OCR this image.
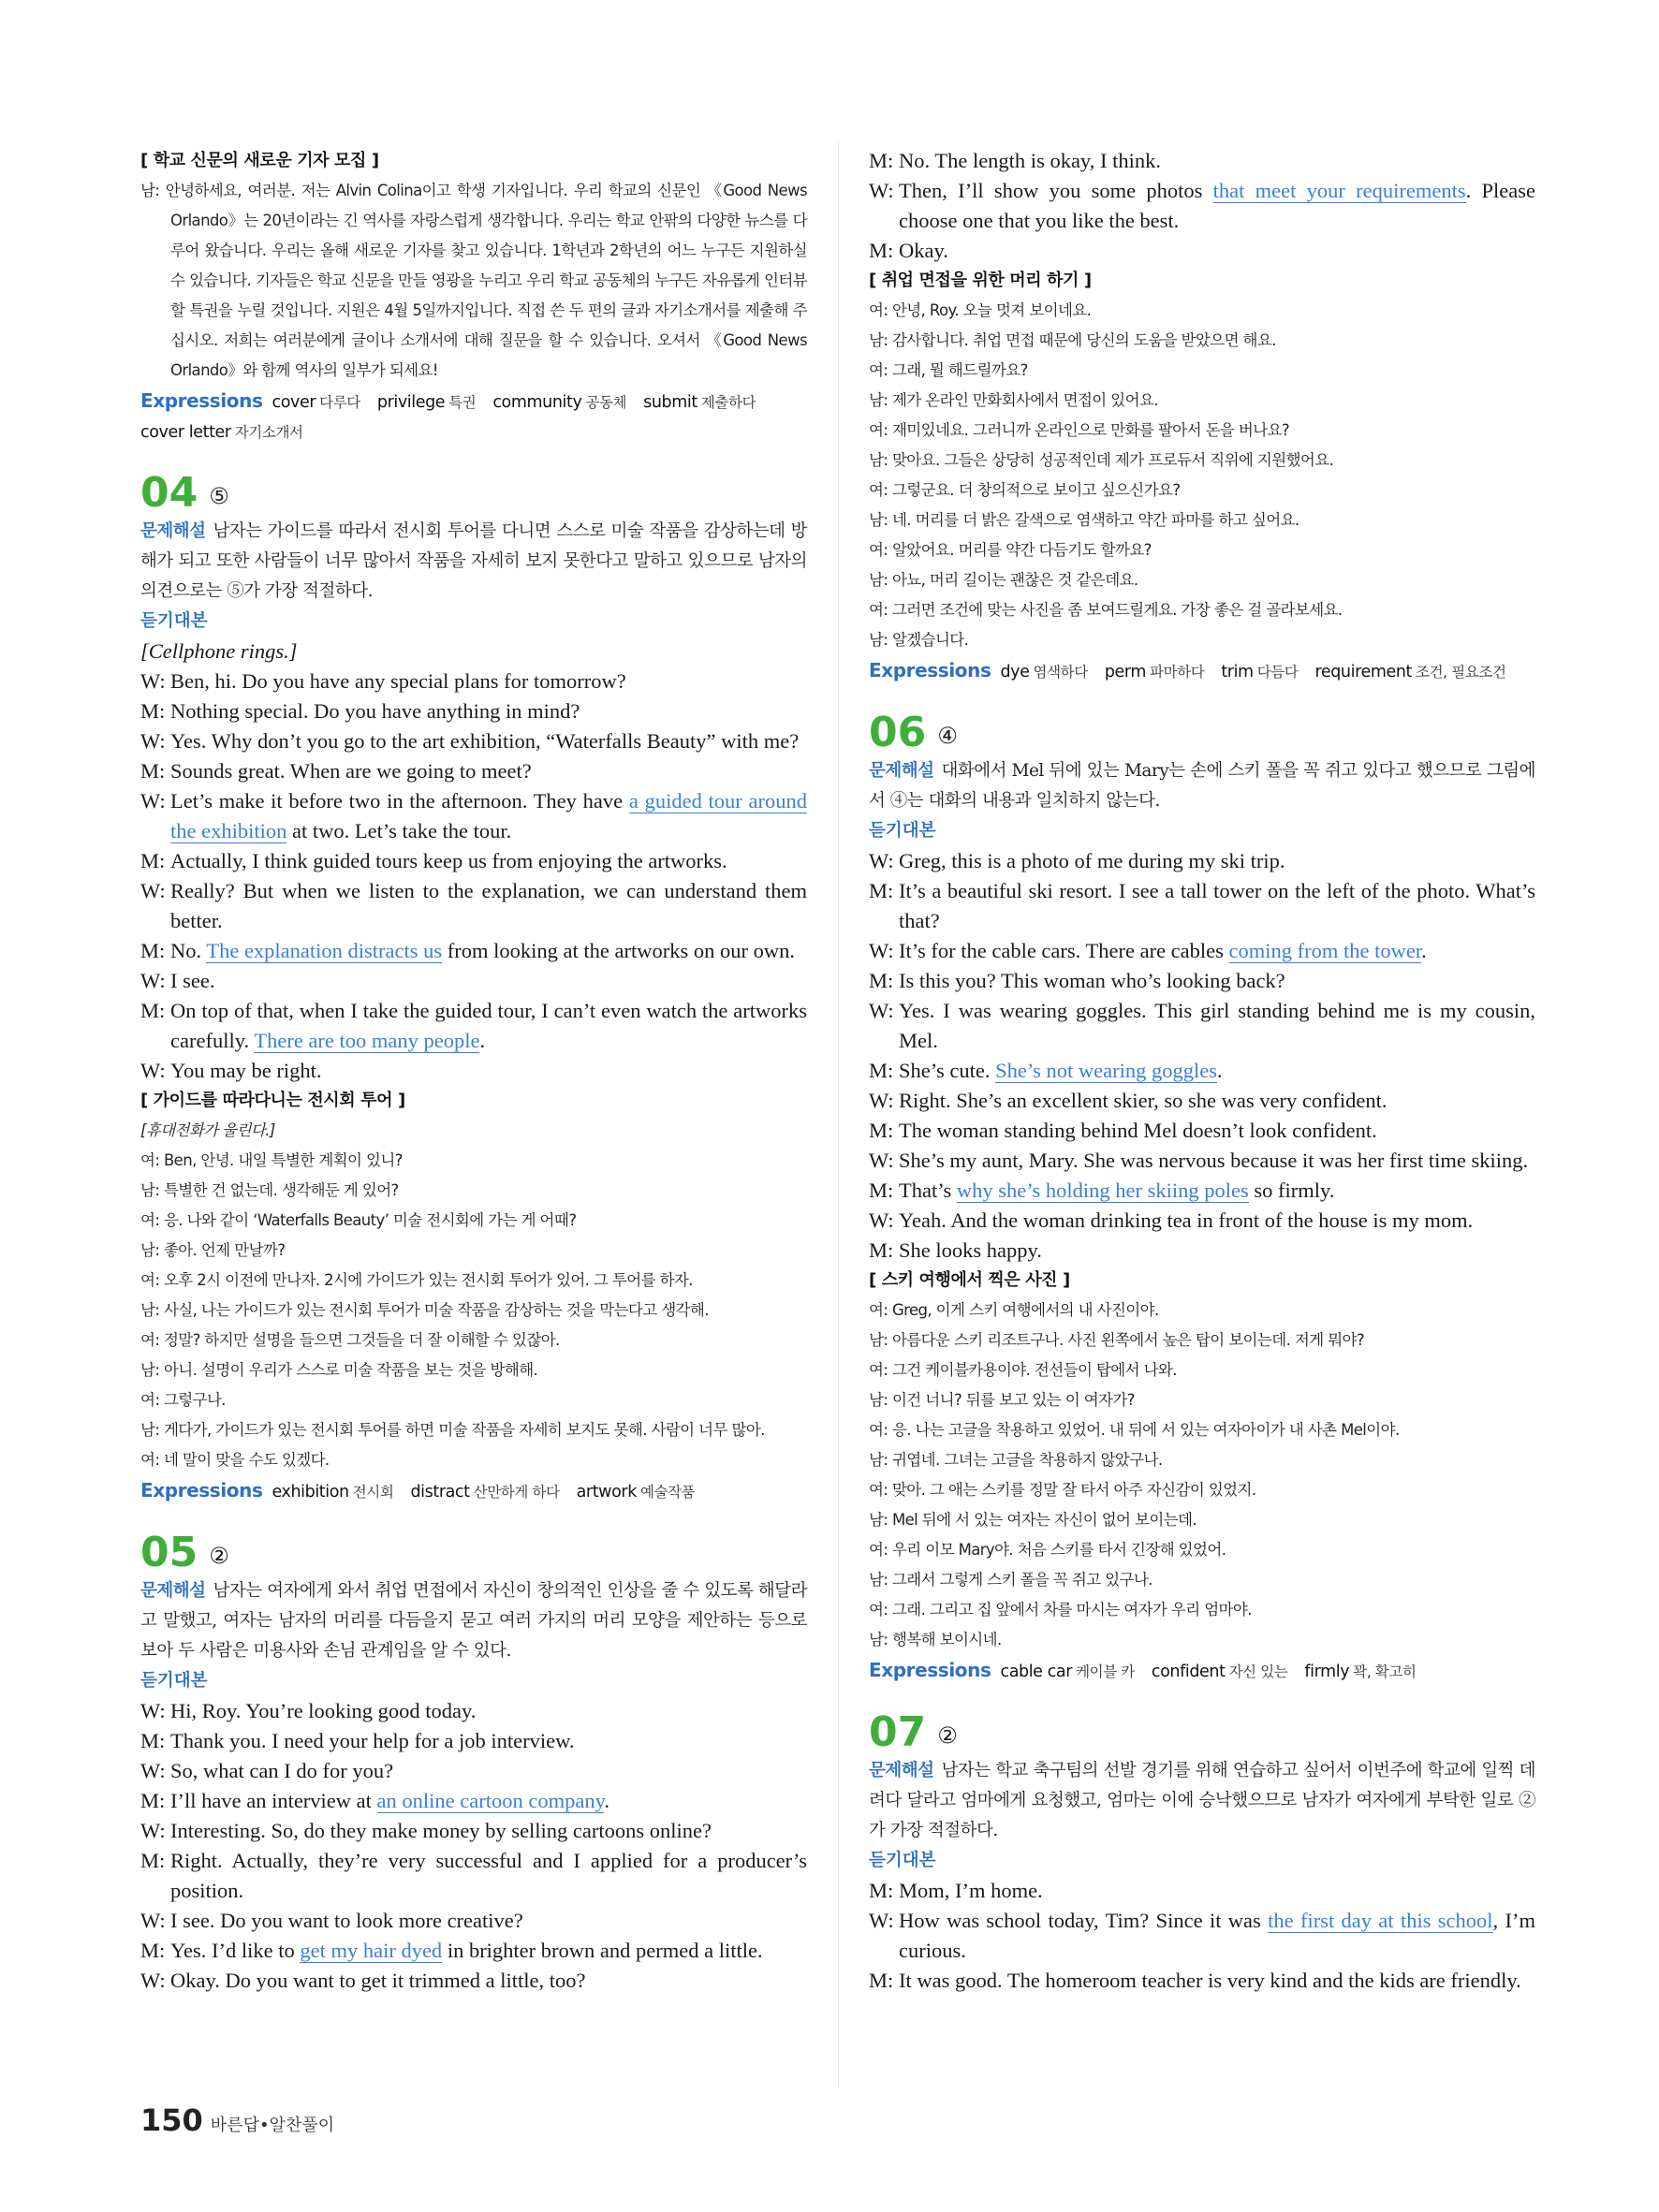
[ 학교 신문의 새로운 기자 모집 ]
남: 안녕하세요, 여러분. 저는 Alvin Colina이고 학생 기자입니다. 우리 학교의 신문인 《Good News Orlando》는 20년이라는 긴 역사를 자랑스럽게 생각합니다. 우리는 학교 안팎의 다양한 뉴스를 다루어 왔습니다. 우리는 올해 새로운 기자를 찾고 있습니다. 1학년과 2학년의 어느 누구든 지원하실 수 있습니다. 기자들은 학교 신문을 만들 영광을 누리고 우리 학교 공동체의 누구든 자유롭게 인터뷰할 특권을 누릴 것입니다. 지원은 4월 5일까지입니다. 직접 쓴 두 편의 글과 자기소개서를 제출해 주십시오. 저희는 여러분에게 글이나 소개서에 대해 질문을 할 수 있습니다. 오셔서 《Good News Orlando》와 함께 역사의 일부가 되세요!
Expressions cover 다루다 privilege 특권 community 공동체 submit 제출하다cover letter 자기소개서
04 ⑤
문제해설 남자는 가이드를 따라서 전시회 투어를 다니면 스스로 미술 작품을 감상하는데 방해가 되고 또한 사람들이 너무 많아서 작품을 자세히 보지 못한다고 말하고 있으므로 남자의 의견으로는 ⑤가 가장 적절하다.
듣기대본
[Cellphone rings.]
W: Ben, hi. Do you have any special plans for tomorrow?
M: Nothing special. Do you have anything in mind?
W: Yes. Why don’t you go to the art exhibition, “Waterfalls Beauty” with me?
M: Sounds great. When are we going to meet?
W: Let’s make it before two in the afternoon. They have a guided tour around the exhibition at two. Let’s take the tour.
M: Actually, I think guided tours keep us from enjoying the artworks.
W: Really? But when we listen to the explanation, we can understand them better.
M: No. The explanation distracts us from looking at the artworks on our own.
W: I see.
M: On top of that, when I take the guided tour, I can’t even watch the artworks carefully. There are too many people.
W: You may be right.
[ 가이드를 따라다니는 전시회 투어 ]
[휴대전화가 울린다.]
여: Ben, 안녕. 내일 특별한 계획이 있니?
남: 특별한 건 없는데. 생각해둔 게 있어?
여: 응. 나와 같이 ‘Waterfalls Beauty’ 미술 전시회에 가는 게 어때?
남: 좋아. 언제 만날까?
여: 오후 2시 이전에 만나자. 2시에 가이드가 있는 전시회 투어가 있어. 그 투어를 하자.
남: 사실, 나는 가이드가 있는 전시회 투어가 미술 작품을 감상하는 것을 막는다고 생각해.
여: 정말? 하지만 설명을 들으면 그것들을 더 잘 이해할 수 있잖아.
남: 아니. 설명이 우리가 스스로 미술 작품을 보는 것을 방해해.
여: 그렇구나.
남: 게다가, 가이드가 있는 전시회 투어를 하면 미술 작품을 자세히 보지도 못해. 사람이 너무 많아.
여: 네 말이 맞을 수도 있겠다.
Expressions exhibition 전시회 distract 산만하게 하다 artwork 예술작품
05 ②
문제해설 남자는 여자에게 와서 취업 면접에서 자신이 창의적인 인상을 줄 수 있도록 해달라고 말했고, 여자는 남자의 머리를 다듬을지 묻고 여러 가지의 머리 모양을 제안하는 등으로 보아 두 사람은 미용사와 손님 관계임을 알 수 있다.
듣기대본
W: Hi, Roy. You’re looking good today.
M: Thank you. I need your help for a job interview.
W: So, what can I do for you?
M: I’ll have an interview at an online cartoon company.
W: Interesting. So, do they make money by selling cartoons online?
M: Right. Actually, they’re very successful and I applied for a producer’s position.
W: I see. Do you want to look more creative?
M: Yes. I’d like to get my hair dyed in brighter brown and permed a little.
W: Okay. Do you want to get it trimmed a little, too?
M: No. The length is okay, I think.
W: Then, I’ll show you some photos that meet your requirements. Please choose one that you like the best.
M: Okay.
[ 취업 면접을 위한 머리 하기 ]
여: 안녕, Roy. 오늘 멋져 보이네요.
남: 감사합니다. 취업 면접 때문에 당신의 도움을 받았으면 해요.
여: 그래, 뭘 해드릴까요?
남: 제가 온라인 만화회사에서 면접이 있어요.
여: 재미있네요. 그러니까 온라인으로 만화를 팔아서 돈을 버나요?
남: 맞아요. 그들은 상당히 성공적인데 제가 프로듀서 직위에 지원했어요.
여: 그렇군요. 더 창의적으로 보이고 싶으신가요?
남: 네. 머리를 더 밝은 갈색으로 염색하고 약간 파마를 하고 싶어요.
여: 알았어요. 머리를 약간 다듬기도 할까요?
남: 아뇨, 머리 길이는 괜찮은 것 같은데요.
여: 그러면 조건에 맞는 사진을 좀 보여드릴게요. 가장 좋은 걸 골라보세요.
남: 알겠습니다.
Expressions dye 염색하다 perm 파마하다 trim 다듬다 requirement 조건, 필요조건
06 ④
문제해설 대화에서 Mel 뒤에 있는 Mary는 손에 스키 폴을 꼭 쥐고 있다고 했으므로 그림에서 ④는 대화의 내용과 일치하지 않는다.
듣기대본
W: Greg, this is a photo of me during my ski trip.
M: It’s a beautiful ski resort. I see a tall tower on the left of the photo. What’s that?
W: It’s for the cable cars. There are cables coming from the tower.
M: Is this you? This woman who’s looking back?
W: Yes. I was wearing goggles. This girl standing behind me is my cousin, Mel.
M: She’s cute. She’s not wearing goggles.
W: Right. She’s an excellent skier, so she was very confident.
M: The woman standing behind Mel doesn’t look confident.
W: She’s my aunt, Mary. She was nervous because it was her first time skiing.
M: That’s why she’s holding her skiing poles so firmly.
W: Yeah. And the woman drinking tea in front of the house is my mom.
M: She looks happy.
[ 스키 여행에서 찍은 사진 ]
여: Greg, 이게 스키 여행에서의 내 사진이야.
남: 아름다운 스키 리조트구나. 사진 왼쪽에서 높은 탑이 보이는데. 저게 뭐야?
여: 그건 케이블카용이야. 전선들이 탑에서 나와.
남: 이건 너니? 뒤를 보고 있는 이 여자가?
여: 응. 나는 고글을 착용하고 있었어. 내 뒤에 서 있는 여자아이가 내 사촌 Mel이야.
남: 귀엽네. 그녀는 고글을 착용하지 않았구나.
여: 맞아. 그 애는 스키를 정말 잘 타서 아주 자신감이 있었지.
남: Mel 뒤에 서 있는 여자는 자신이 없어 보이는데.
여: 우리 이모 Mary야. 처음 스키를 타서 긴장해 있었어.
남: 그래서 그렇게 스키 폴을 꼭 쥐고 있구나.
여: 그래. 그리고 집 앞에서 차를 마시는 여자가 우리 엄마야.
남: 행복해 보이시네.
Expressions cable car 케이블 카 confident 자신 있는 firmly 꽉, 확고히
07 ②
문제해설 남자는 학교 축구팀의 선발 경기를 위해 연습하고 싶어서 이번주에 학교에 일찍 데려다 달라고 엄마에게 요청했고, 엄마는 이에 승낙했으므로 남자가 여자에게 부탁한 일로 ②가 가장 적절하다.
듣기대본
M: Mom, I’m home.
W: How was school today, Tim? Since it was the first day at this school, I’m curious.
M: It was good. The homeroom teacher is very kind and the kids are friendly.
150 바른답•알찬풀이
